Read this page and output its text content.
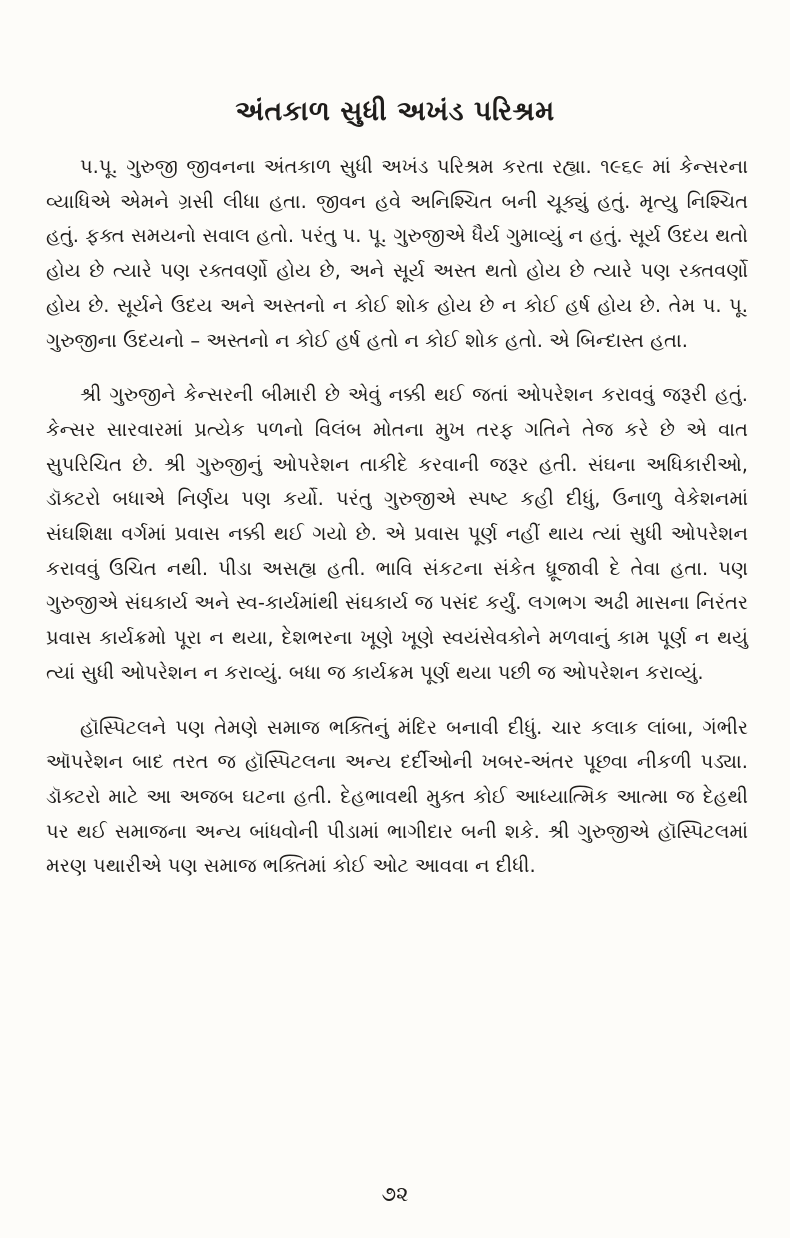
અંતકાળ સુધી અખંડ પરિશ્રમ

પ.પૂ. ગુરુજી જીવનના અંતકાળ સુધી અખંડ પરિશ્રમ કરતા રહ્યા. ૧૯૬૯ માં કેન્સરના વ્યાધિએ એમને ગ્રસી લીધા હતા. જીવન હવે અનિશ્ચિત બની ચૂક્યું હતું. મૃત્યુ નિશ્ચિત હતું. ફક્ત સમયનો સવાલ હતો. પરંતુ પ. પૂ. ગુરુજીએ ધૈર્ય ગુમાવ્યું ન હતું. સૂર્ય ઉદય થતો હોય છે ત્યારે પણ રક્તવર્ણો હોય છે, અને સૂર્ય અસ્ત થતો હોય છે ત્યારે પણ રક્તવર્ણો હોય છે. સૂર્યને ઉદય અને અસ્તનો ન કોઈ શોક હોય છે ન કોઈ હર્ષ હોય છે. તેમ પ. પૂ. ગુરુજીના ઉદયનો – અસ્તનો ન કોઈ હર્ષ હતો ન કોઈ શોક હતો. એ બિન્દાસ્ત હતા.

શ્રી ગુરુજીને કેન્સરની બીમારી છે એવું નક્કી થઈ જતાં ઓપરેશન કરાવવું જરૂરી હતું. કેન્સર સારવારમાં પ્રત્યેક પળનો વિલંબ મોતના મુખ તરફ ગતિને તેજ કરે છે એ વાત સુપરિચિત છે. શ્રી ગુરુજીનું ઓપરેશન તાકીદે કરવાની જરૂર હતી. સંઘના અધિકારીઓ, ડૉક્ટરો બધાએ નિર્ણય પણ કર્યો. પરંતુ ગુરુજીએ સ્પષ્ટ કહી દીધું, ઉનાળુ વેકેશનમાં સંઘશિક્ષા વર્ગમાં પ્રવાસ નક્કી થઈ ગયો છે. એ પ્રવાસ પૂર્ણ નહીં થાય ત્યાં સુધી ઓપરેશન કરાવવું ઉચિત નથી. પીડા અસહ્ય હતી. ભાવિ સંકટના સંકેત ધ્રૂજાવી દે તેવા હતા. પણ ગુરુજીએ સંઘકાર્ય અને સ્વ-કાર્યમાંથી સંઘકાર્ય જ પસંદ કર્યું. લગભગ અઢી માસના નિરંતર પ્રવાસ કાર્યક્રમો પૂરા ન થયા, દેશભરના ખૂણે ખૂણે સ્વયંસેવકોને મળવાનું કામ પૂર્ણ ન થયું ત્યાં સુધી ઓપરેશન ન કરાવ્યું. બધા જ કાર્યક્રમ પૂર્ણ થયા પછી જ ઓપરેશન કરાવ્યું.

હૉસ્પિટલને પણ તેમણે સમાજ ભક્તિનું મંદિર બનાવી દીધું. ચાર કલાક લાંબા, ગંભીર ઑપરેશન બાદ તરત જ હૉસ્પિટલના અન્ય દર્દીઓની ખબર-અંતર પૂછવા નીકળી પડ્યા. ડૉક્ટરો માટે આ અજબ ઘટના હતી. દેહભાવથી મુક્ત કોઈ આધ્યાત્મિક આત્મા જ દેહથી પર થઈ સમાજના અન્ય બાંધવોની પીડામાં ભાગીદાર બની શકે. શ્રી ગુરુજીએ હૉસ્પિટલમાં મરણ પથારીએ પણ સમાજ ભક્તિમાં કોઈ ઓટ આવવા ન દીધી.

૭૨
